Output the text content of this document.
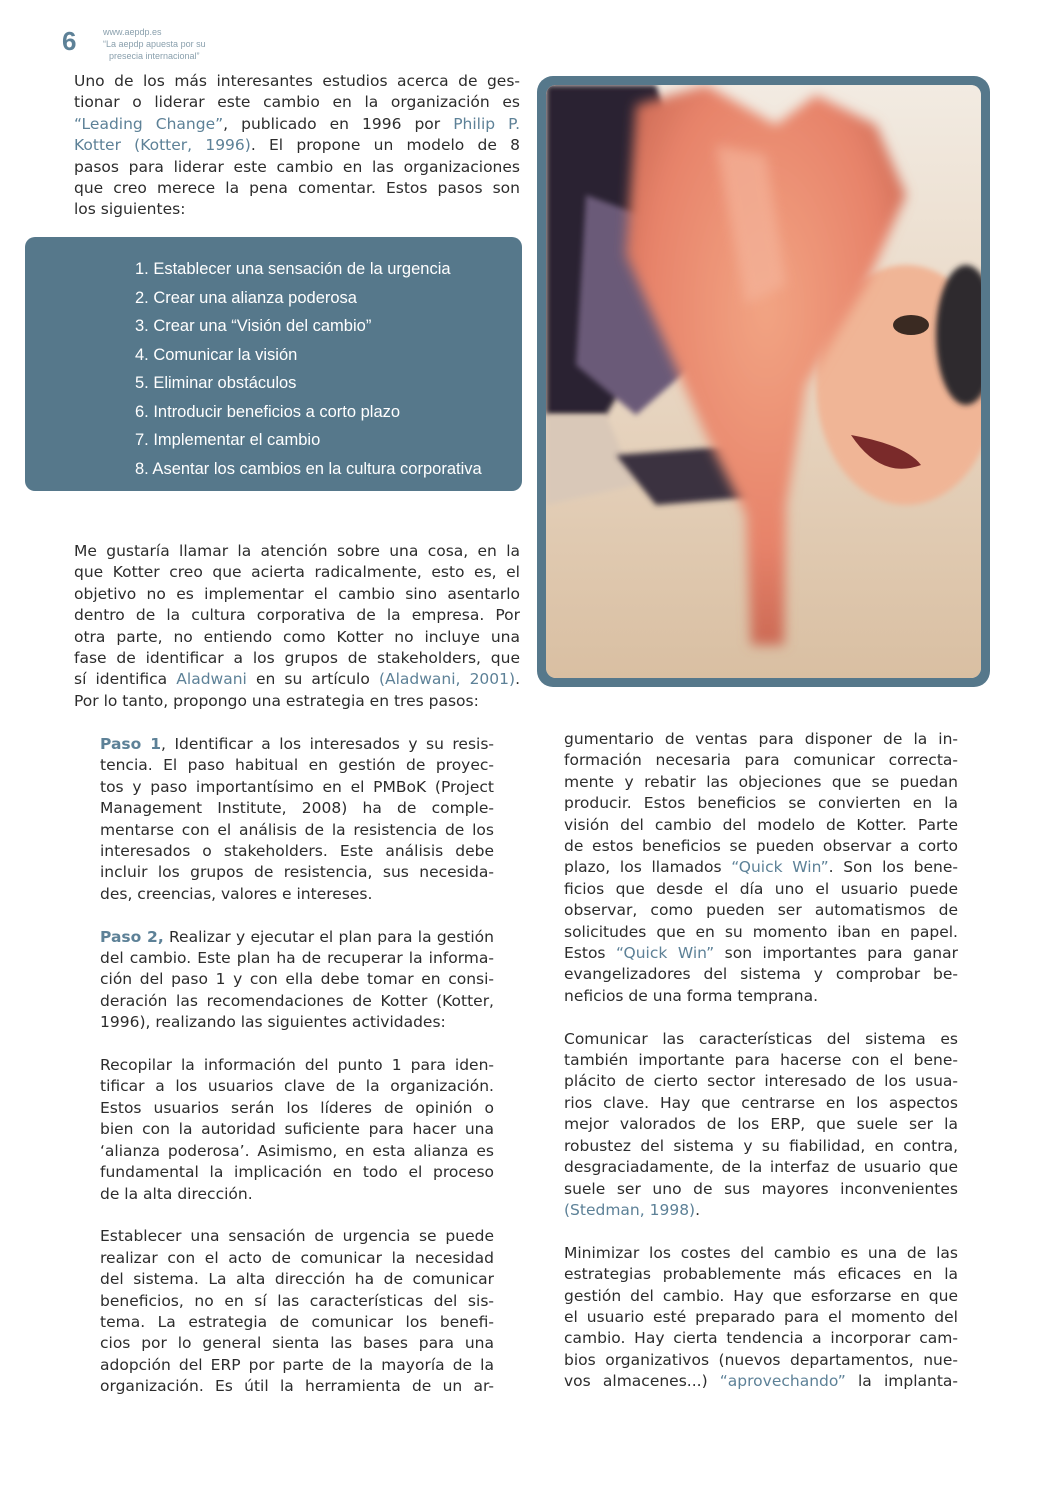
6	www.aepdp.es
“La aepdp apuesta por su
presecia internacional”
Uno de los más interesantes estudios acerca de ges-
tionar o liderar este cambio en la organización es
“Leading Change”, publicado en 1996 por Philip P.
Kotter (Kotter, 1996). El propone un modelo de 8
pasos para liderar este cambio en las organizaciones
que creo merece la pena comentar. Estos pasos son
los siguientes:
1. Establecer una sensación de la urgencia
2. Crear una alianza poderosa
3. Crear una “Visión del cambio”
4. Comunicar la visión
5. Eliminar obstáculos
6. Introducir beneficios a corto plazo
7. Implementar el cambio
8. Asentar los cambios en la cultura corporativa
Me gustaría llamar la atención sobre una cosa, en la
que Kotter creo que acierta radicalmente, esto es, el
objetivo no es implementar el cambio sino asentarlo
dentro de la cultura corporativa de la empresa. Por
otra parte, no entiendo como Kotter no incluye una
fase de identificar a los grupos de stakeholders, que
sí identifica Aladwani en su artículo (Aladwani, 2001).
Por lo tanto, propongo una estrategia en tres pasos:
Paso 1, Identificar a los interesados y su resis-
tencia. El paso habitual en gestión de proyec-
tos y paso importantísimo en el PMBoK (Project
Management Institute, 2008) ha de comple-
mentarse con el análisis de la resistencia de los
interesados o stakeholders. Este análisis debe
incluir los grupos de resistencia, sus necesida-
des, creencias, valores e intereses.
Paso 2, Realizar y ejecutar el plan para la gestión
del cambio. Este plan ha de recuperar la informa-
ción del paso 1 y con ella debe tomar en consi-
deración las recomendaciones de Kotter (Kotter,
1996), realizando las siguientes actividades:
Recopilar la información del punto 1 para iden-
tificar a los usuarios clave de la organización.
Estos usuarios serán los líderes de opinión o
bien con la autoridad suficiente para hacer una
‘alianza poderosa’. Asimismo, en esta alianza es
fundamental la implicación en todo el proceso
de la alta dirección.
Establecer una sensación de urgencia se puede
realizar con el acto de comunicar la necesidad
del sistema. La alta dirección ha de comunicar
beneficios, no en sí las características del sis-
tema. La estrategia de comunicar los benefi-
cios por lo general sienta las bases para una
adopción del ERP por parte de la mayoría de la
organización. Es útil la herramienta de un ar-
gumentario de ventas para disponer de la in-
formación necesaria para comunicar correcta-
mente y rebatir las objeciones que se puedan
producir. Estos beneficios se convierten en la
visión del cambio del modelo de Kotter. Parte
de estos beneficios se pueden observar a corto
plazo, los llamados “Quick Win”. Son los bene-
ficios que desde el día uno el usuario puede
observar, como pueden ser automatismos de
solicitudes que en su momento iban en papel.
Estos “Quick Win” son importantes para ganar
evangelizadores del sistema y comprobar be-
neficios de una forma temprana.
Comunicar las características del sistema es
también importante para hacerse con el bene-
plácito de cierto sector interesado de los usua-
rios clave. Hay que centrarse en los aspectos
mejor valorados de los ERP, que suele ser la
robustez del sistema y su fiabilidad, en contra,
desgraciadamente, de la interfaz de usuario que
suele ser uno de sus mayores inconvenientes
(Stedman, 1998).
Minimizar los costes del cambio es una de las
estrategias probablemente más eficaces en la
gestión del cambio. Hay que esforzarse en que
el usuario esté preparado para el momento del
cambio. Hay cierta tendencia a incorporar cam-
bios organizativos (nuevos departamentos, nue-
vos almacenes...) “aprovechando” la implanta-
